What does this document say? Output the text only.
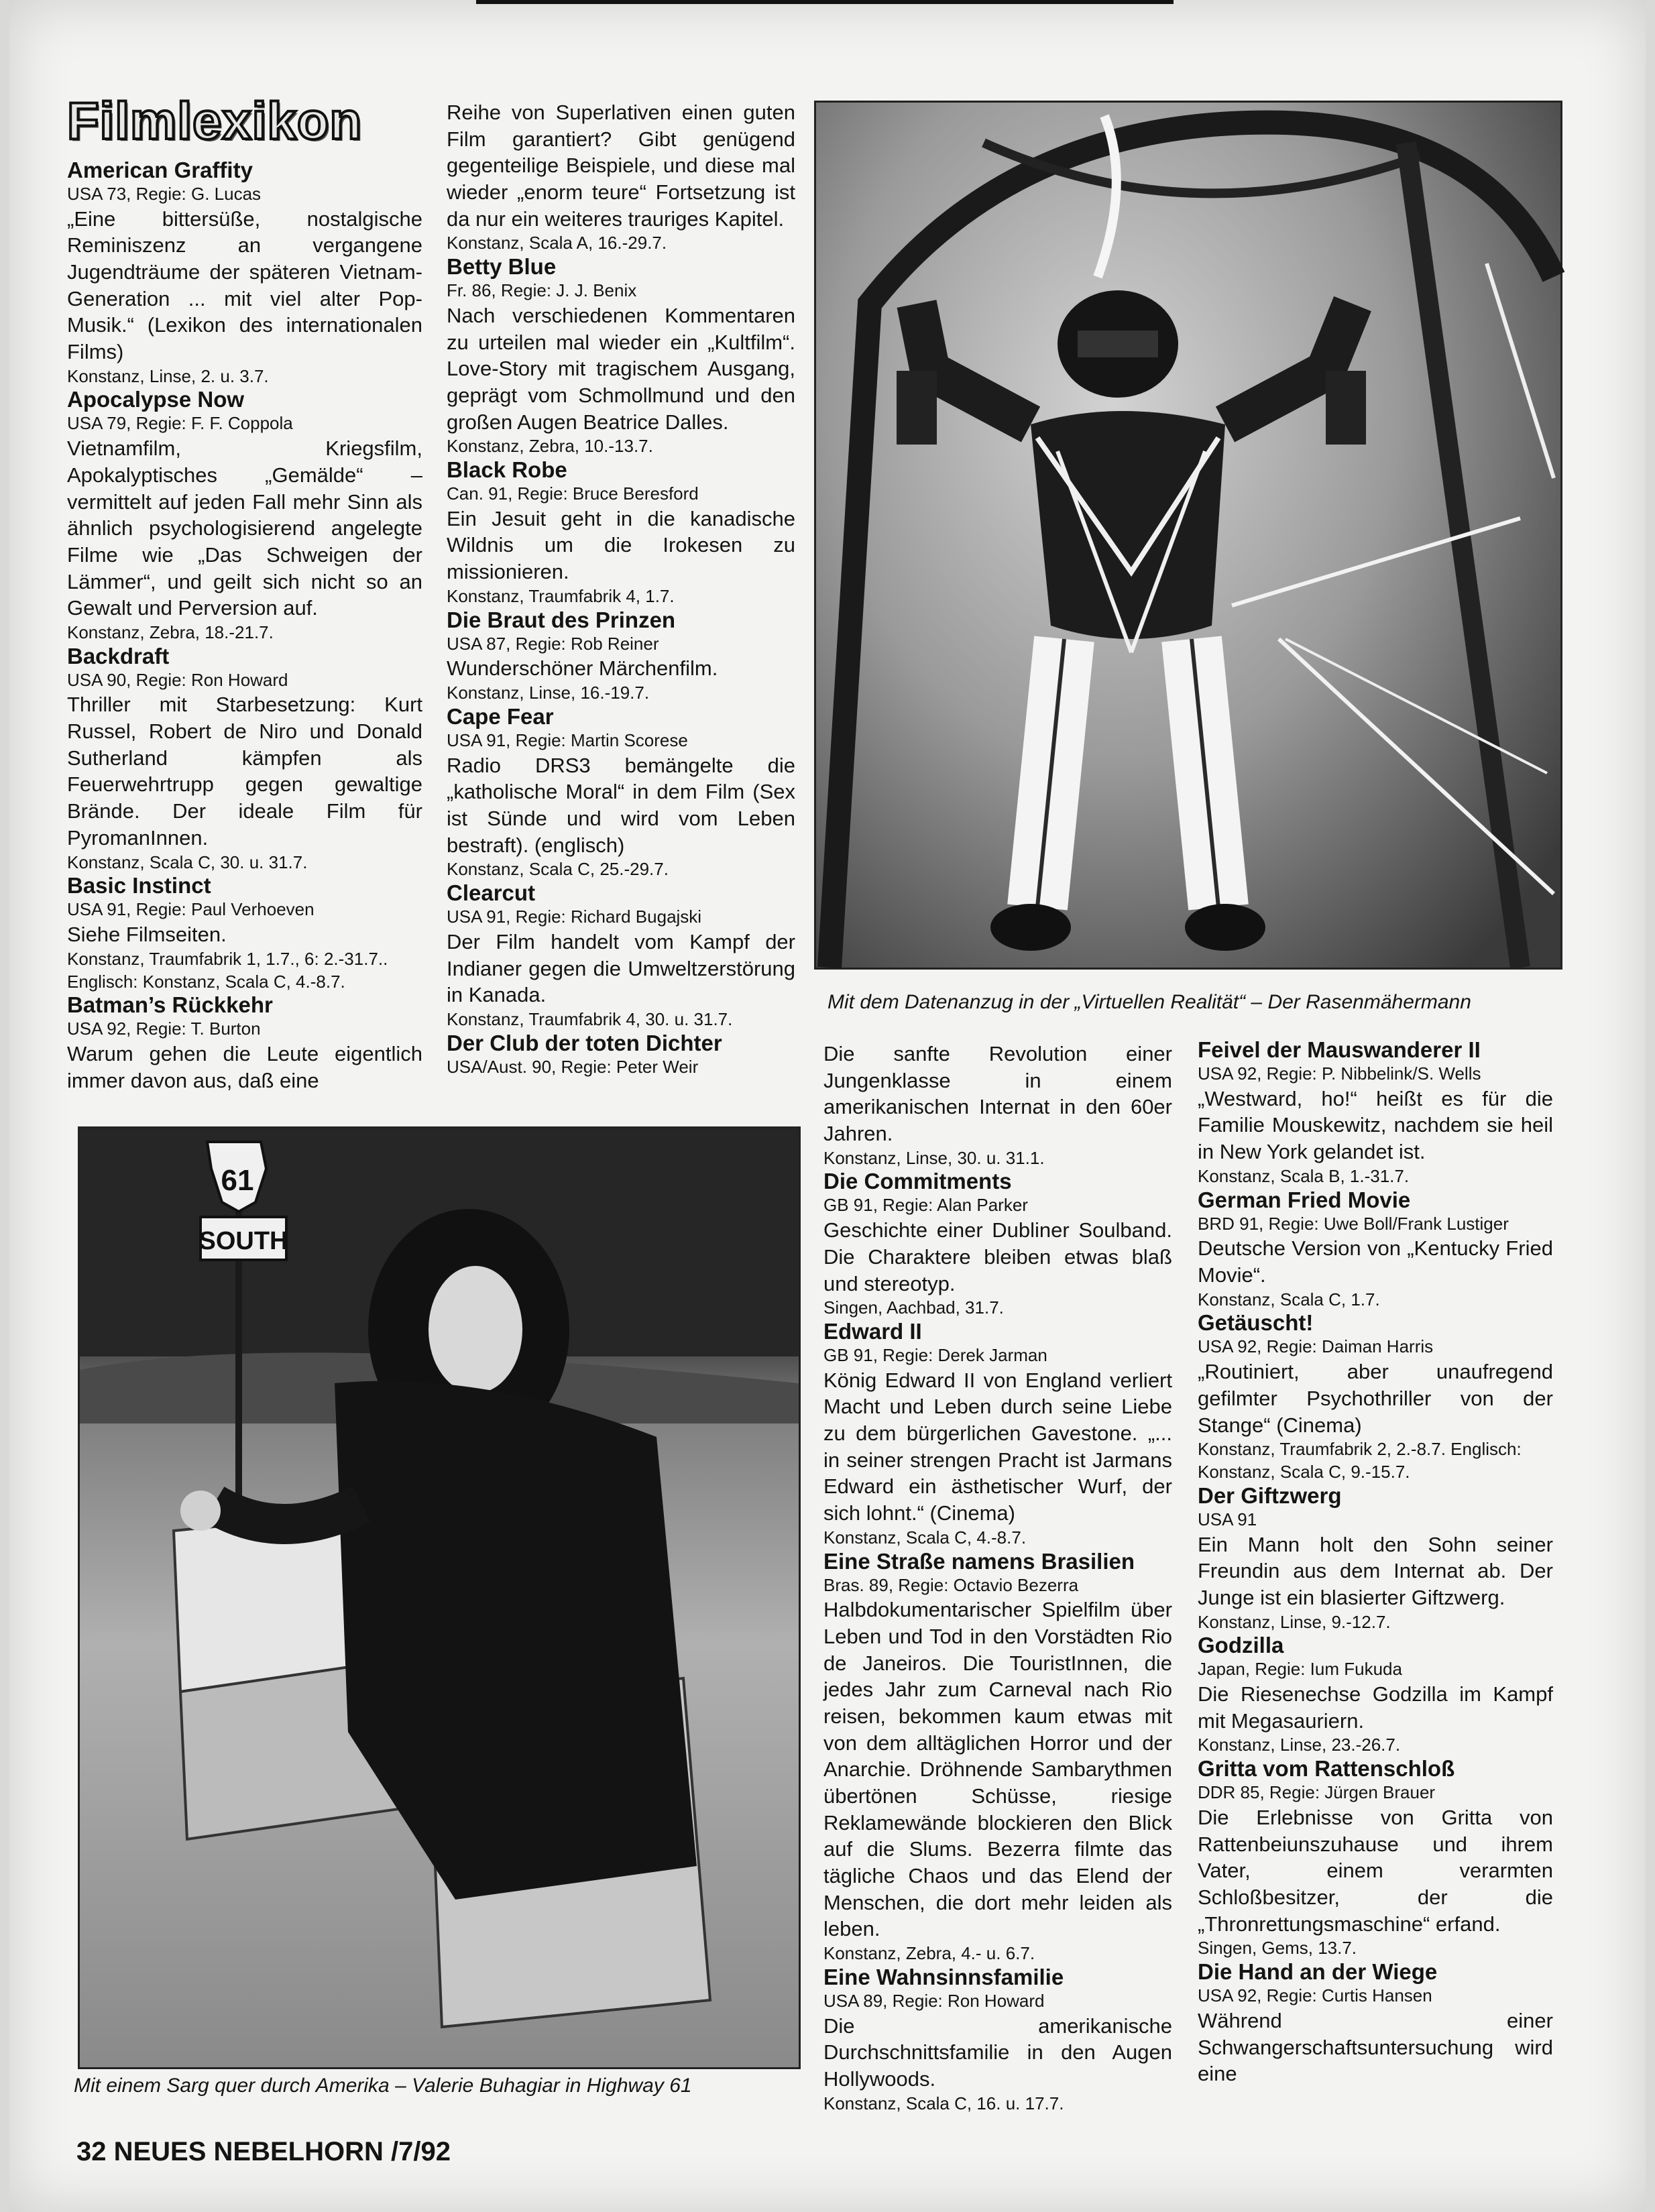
Filmlexikon
American Graffity
USA 73, Regie: G. Lucas
„Eine bittersüße, nostalgische Reminiszenz an vergangene Jugendträume der späteren Vietnam-Generation ... mit viel alter Pop-Musik.“ (Lexikon des internationalen Films)
Konstanz, Linse, 2. u. 3.7.
Apocalypse Now
USA 79, Regie: F. F. Coppola
Vietnamfilm, Kriegsfilm, Apokalyptisches „Gemälde“ – vermittelt auf jeden Fall mehr Sinn als ähnlich psychologisierend angelegte Filme wie „Das Schweigen der Lämmer“, und geilt sich nicht so an Gewalt und Perversion auf.
Konstanz, Zebra, 18.-21.7.
Backdraft
USA 90, Regie: Ron Howard
Thriller mit Starbesetzung: Kurt Russel, Robert de Niro und Donald Sutherland kämpfen als Feuerwehrtrupp gegen gewaltige Brände. Der ideale Film für PyromanInnen.
Konstanz, Scala C, 30. u. 31.7.
Basic Instinct
USA 91, Regie: Paul Verhoeven
Siehe Filmseiten.
Konstanz, Traumfabrik 1, 1.7., 6: 2.-31.7.. Englisch: Konstanz, Scala C, 4.-8.7.
Batman’s Rückkehr
USA 92, Regie: T. Burton
Warum gehen die Leute eigentlich immer davon aus, daß eine

Reihe von Superlativen einen guten Film garantiert? Gibt genügend gegenteilige Beispiele, und diese mal wieder „enorm teure“ Fortsetzung ist da nur ein weiteres trauriges Kapitel.

Konstanz, Scala A, 16.-29.7.
Betty Blue
Fr. 86, Regie: J. J. Benix
Nach verschiedenen Kommentaren zu urteilen mal wieder ein „Kultfilm“. Love-Story mit tragischem Ausgang, geprägt vom Schmollmund und den großen Augen Beatrice Dalles.
Konstanz, Zebra, 10.-13.7.
Black Robe
Can. 91, Regie: Bruce Beresford
Ein Jesuit geht in die kanadische Wildnis um die Irokesen zu missionieren.
Konstanz, Traumfabrik 4, 1.7.
Die Braut des Prinzen
USA 87, Regie: Rob Reiner
Wunderschöner Märchenfilm.
Konstanz, Linse, 16.-19.7.
Cape Fear
USA 91, Regie: Martin Scorese
Radio DRS3 bemängelte die „katholische Moral“ in dem Film (Sex ist Sünde und wird vom Leben bestraft). (englisch)
Konstanz, Scala C, 25.-29.7.
Clearcut
USA 91, Regie: Richard Bugajski
Der Film handelt vom Kampf der Indianer gegen die Umweltzerstörung in Kanada.
Konstanz, Traumfabrik 4, 30. u. 31.7.
Der Club der toten Dichter
USA/Aust. 90, Regie: Peter Weir
Mit dem Datenanzug in der „Virtuellen Realität“ – Der Rasenmähermann
61
SOUTH
Mit einem Sarg quer durch Amerika – Valerie Buhagiar in Highway 61

Die sanfte Revolution einer Jungenklasse in einem amerikanischen Internat in den 60er Jahren.

Konstanz, Linse, 30. u. 31.1.
Die Commitments
GB 91, Regie: Alan Parker
Geschichte einer Dubliner Soulband. Die Charaktere bleiben etwas blaß und stereotyp.
Singen, Aachbad, 31.7.
Edward II
GB 91, Regie: Derek Jarman
König Edward II von England verliert Macht und Leben durch seine Liebe zu dem bürgerlichen Gavestone. „... in seiner strengen Pracht ist Jarmans Edward ein ästhetischer Wurf, der sich lohnt.“ (Cinema)
Konstanz, Scala C, 4.-8.7.
Eine Straße namens Brasilien
Bras. 89, Regie: Octavio Bezerra
Halbdokumentarischer Spielfilm über Leben und Tod in den Vorstädten Rio de Janeiros. Die TouristInnen, die jedes Jahr zum Carneval nach Rio reisen, bekommen kaum etwas mit von dem alltäglichen Horror und der Anarchie. Dröhnende Sambarythmen übertönen Schüsse, riesige Reklamewände blockieren den Blick auf die Slums. Bezerra filmte das tägliche Chaos und das Elend der Menschen, die dort mehr leiden als leben.
Konstanz, Zebra, 4.- u. 6.7.
Eine Wahnsinnsfamilie
USA 89, Regie: Ron Howard
Die amerikanische Durchschnittsfamilie in den Augen Hollywoods.
Konstanz, Scala C, 16. u. 17.7.
Feivel der Mauswanderer II
USA 92, Regie: P. Nibbelink/S. Wells
„Westward, ho!“ heißt es für die Familie Mouskewitz, nachdem sie heil in New York gelandet ist.
Konstanz, Scala B, 1.-31.7.
German Fried Movie
BRD 91, Regie: Uwe Boll/Frank Lustiger
Deutsche Version von „Kentucky Fried Movie“.
Konstanz, Scala C, 1.7.
Getäuscht!
USA 92, Regie: Daiman Harris
„Routiniert, aber unaufregend gefilmter Psychothriller von der Stange“ (Cinema)
Konstanz, Traumfabrik 2, 2.-8.7. Englisch: Konstanz, Scala C, 9.-15.7.
Der Giftzwerg
USA 91
Ein Mann holt den Sohn seiner Freundin aus dem Internat ab. Der Junge ist ein blasierter Giftzwerg.
Konstanz, Linse, 9.-12.7.
Godzilla
Japan, Regie: Ium Fukuda
Die Riesenechse Godzilla im Kampf mit Megasauriern.
Konstanz, Linse, 23.-26.7.
Gritta vom Rattenschloß
DDR 85, Regie: Jürgen Brauer
Die Erlebnisse von Gritta von Rattenbeiunszuhause und ihrem Vater, einem verarmten Schloßbesitzer, der die „Thronrettungsmaschine“ erfand.
Singen, Gems, 13.7.
Die Hand an der Wiege
USA 92, Regie: Curtis Hansen
Während einer Schwangerschaftsuntersuchung wird eine
32 NEUES NEBELHORN /7/92
